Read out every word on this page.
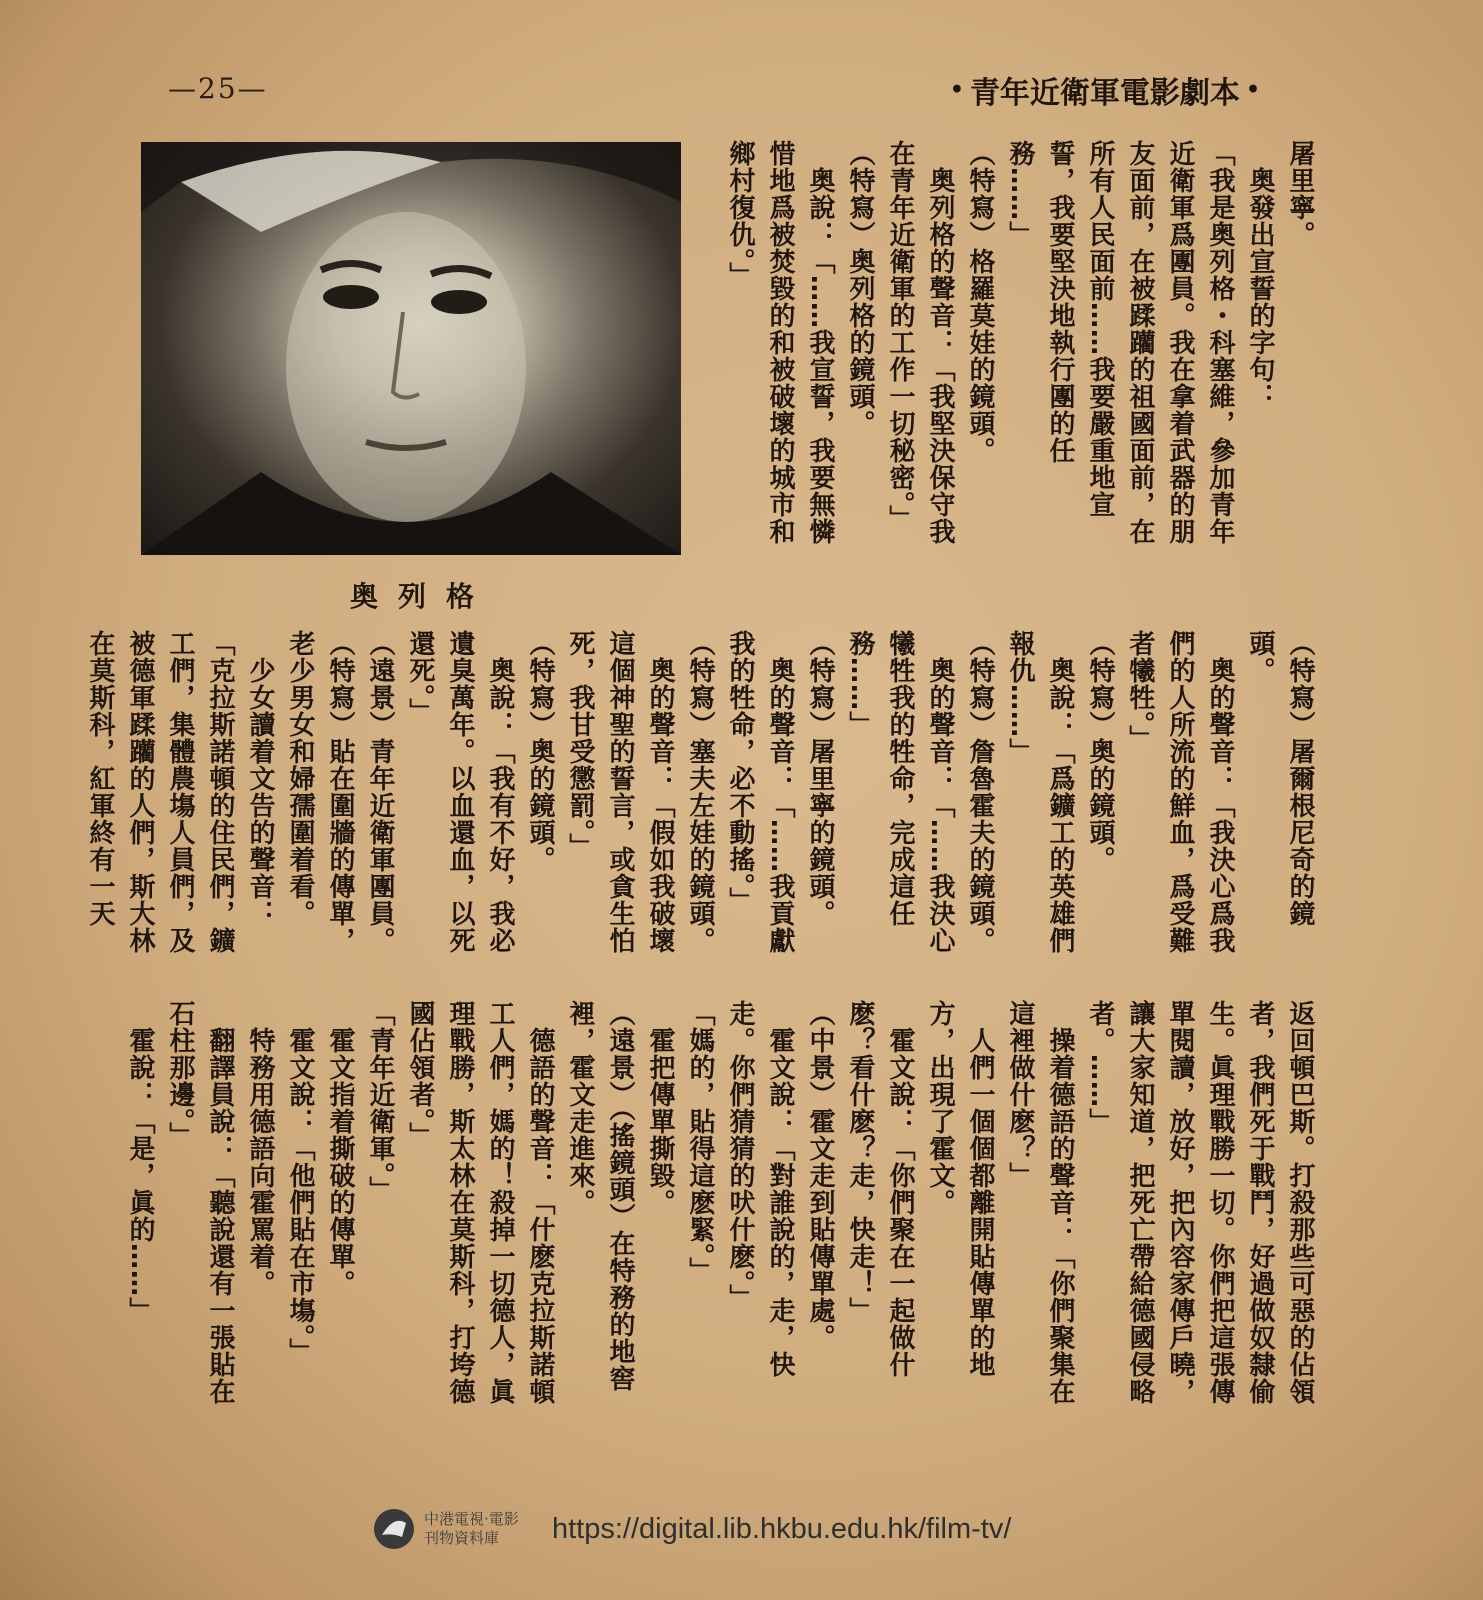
—25—	•
青年近衛軍電影劇本
•
屠里寧。
　奥發出宣誓的字句：
「我是奥列格・科塞維，參加青年近衛軍爲團員。我在拿着武器的朋友面前，在被蹂躪的祖國面前，在所有人民面前……我要嚴重地宣誓，我要堅決地執行團的任務……」
（特寫）格羅莫娃的鏡頭。
　奥列格的聲音：「我堅決保守我在青年近衛軍的工作一切秘密。」
（特寫）奥列格的鏡頭。
　奥說：「……我宣誓，我要無憐惜地爲被焚毀的和被破壞的城市和鄉村復仇。」
奥列格
（特寫）屠爾根尼奇的鏡頭。
　奥的聲音：「我決心爲我們的人所流的鮮血，爲受難者犧牲。」
（特寫）奥的鏡頭。
　奥說：「爲鑛工的英雄們報仇……」
（特寫）詹魯霍夫的鏡頭。
　奥的聲音：「……我決心犧牲我的牲命，完成這任務……」
（特寫）屠里寧的鏡頭。
　奥的聲音：「……我貢獻我的牲命，必不動搖。」
（特寫）塞夫左娃的鏡頭。
　奥的聲音：「假如我破壞這個神聖的誓言，或貪生怕死，我甘受懲罰。」
（特寫）奥的鏡頭。
　奥說：「我有不好，我必遺臭萬年。以血還血，以死還死。」
（遠景）青年近衛軍團員。
（特寫）貼在圍牆的傳單，老少男女和婦孺圍着看。
　少女讀着文告的聲音：
「克拉斯諾頓的住民們，鑛工們，集體農塲人員們，及被德軍蹂躪的人們，斯大林在莫斯科，紅軍終有一天
返回頓巴斯。打殺那些可惡的佔領者，我們死于戰鬥，好過做奴隸偷生。眞理戰勝一切。你們把這張傳單閱讀，放好，把內容家傳戶曉，讓大家知道，把死亡帶給德國侵略者。……」
　操着德語的聲音：「你們聚集在這裡做什麽？」
　人們一個個都離開貼傳單的地方，出現了霍文。
　霍文說：「你們聚在一起做什麽？看什麽？走，快走！」
（中景）霍文走到貼傳單處。
　霍文說：「對誰說的，走，快走。你們猜猜的吠什麽。」
「媽的，貼得這麽緊。」
　霍把傳單撕毀。
（遠景）（搖鏡頭）在特務的地窖裡，霍文走進來。
　德語的聲音：「什麽克拉斯諾頓工人們，媽的！殺掉一切德人，眞理戰勝，斯太林在莫斯科，打垮德國佔領者。」
「青年近衛軍。」
　霍文指着撕破的傳單。
　霍文說：「他們貼在市塲。」
　特務用德語向霍罵着。
　翻譯員說：「聽說還有一張貼在石柱那邊。」
　霍說：「是，眞的……」
中港電視‧電影
刊物資料庫	https://digital.lib.hkbu.edu.hk/film-tv/
